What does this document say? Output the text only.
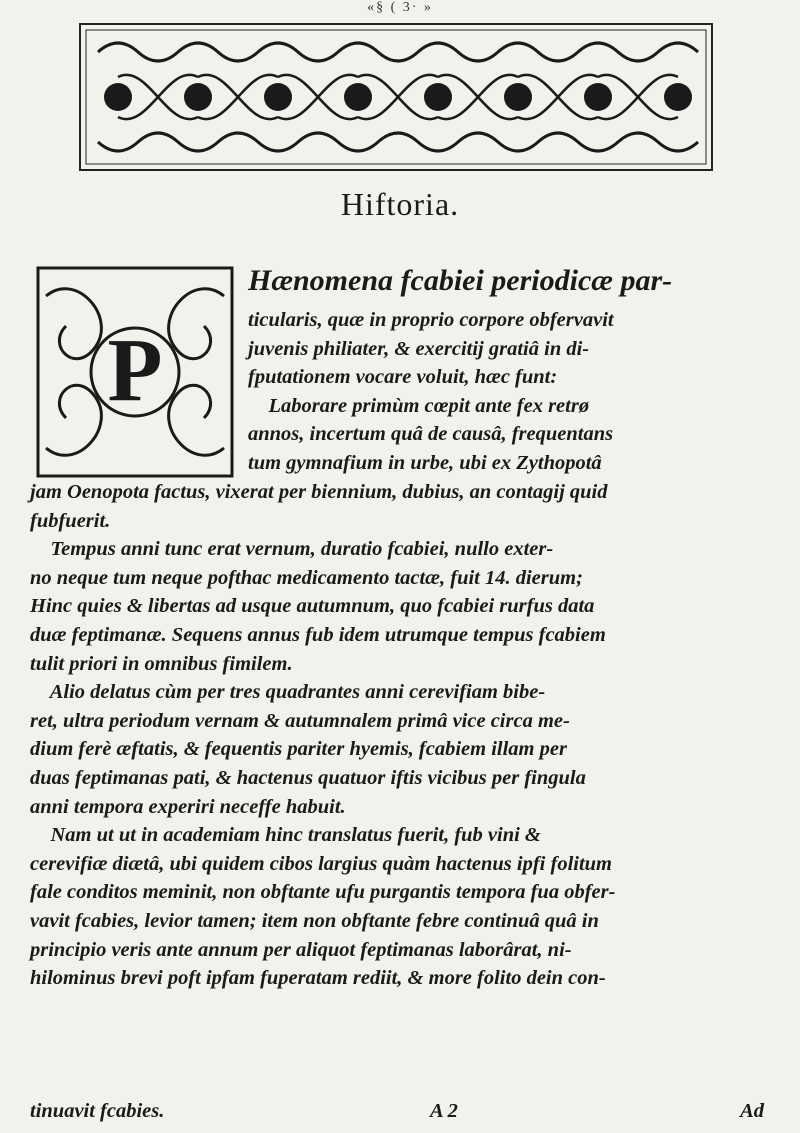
«§ ( 3· »
Hiftoria.
P
Hænomena fcabiei periodicæ par-
ticularis, quæ in proprio corpore obfervavit
juvenis philiater, & exercitij gratiâ in di-
fputationem vocare voluit, hæc funt:
Laborare primùm cœpit ante fex retrø
annos, incertum quâ de causâ, frequentans
tum gymnafium in urbe, ubi ex Zythopotâ
jam Oenopota factus, vixerat per biennium, dubius, an contagij quid
fubfuerit.
Tempus anni tunc erat vernum, duratio fcabiei, nullo exter-
no neque tum neque pofthac medicamento tactæ, fuit 14. dierum;
Hinc quies & libertas ad usque autumnum, quo fcabiei rurfus data
duæ feptimanæ. Sequens annus fub idem utrumque tempus fcabiem
tulit priori in omnibus fimilem.
Alio delatus cùm per tres quadrantes anni cerevifiam bibe-
ret, ultra periodum vernam & autumnalem primâ vice circa me-
dium ferè æftatis, & fequentis pariter hyemis, fcabiem illam per
duas feptimanas pati, & hactenus quatuor iftis vicibus per fingula
anni tempora experiri neceffe habuit.
Nam ut ut in academiam hinc translatus fuerit, fub vini &
cerevifiæ diætâ, ubi quidem cibos largius quàm hactenus ipfi folitum
fale conditos meminit, non obftante ufu purgantis tempora fua obfer-
vavit fcabies, levior tamen; item non obftante febre continuâ quâ in
principio veris ante annum per aliquot feptimanas laborârat, ni-
hilominus brevi poft ipfam fuperatam rediit, & more folito dein con-
tinuavit fcabies.	A 2	Ad
